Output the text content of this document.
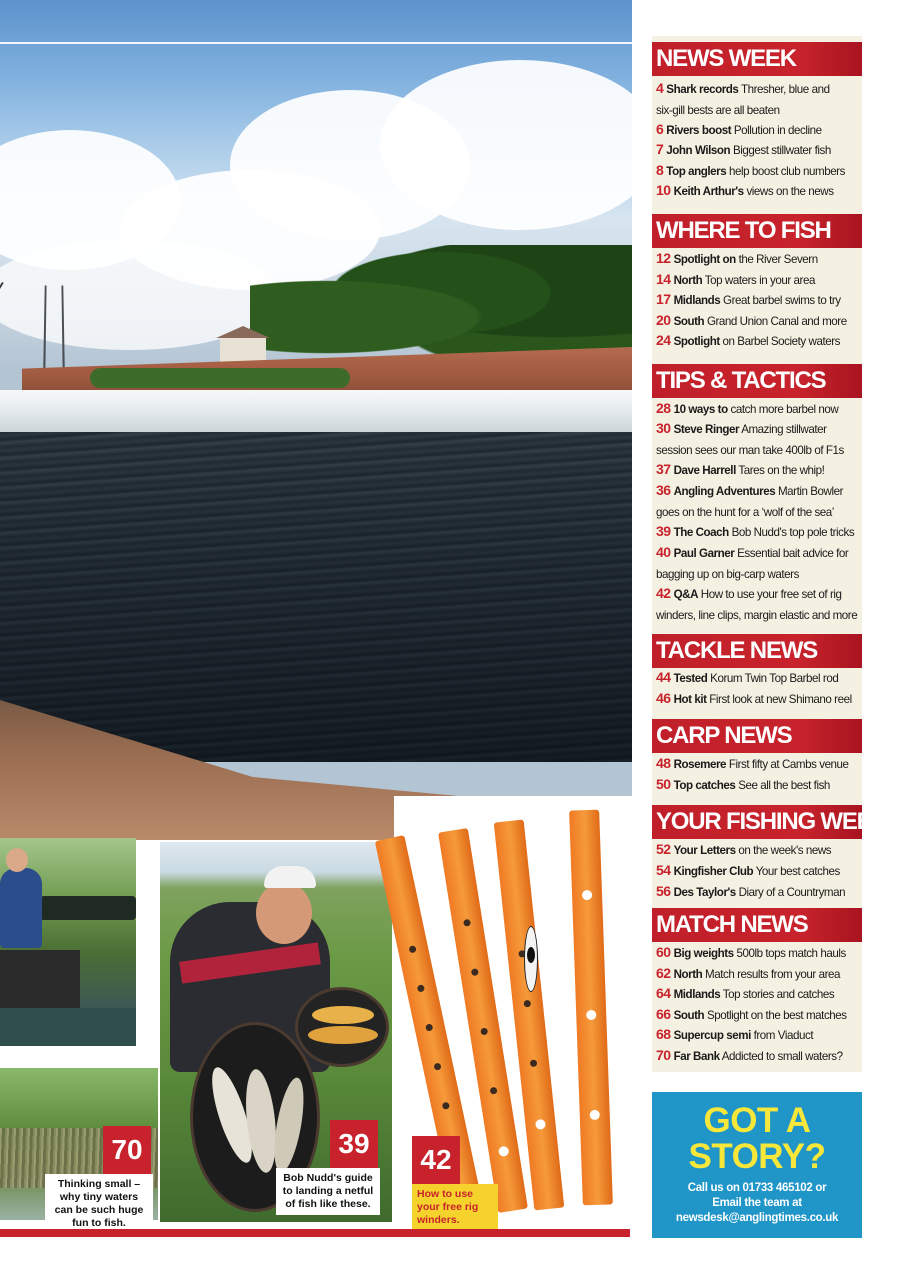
70
Thinking small – why tiny waters can be such huge fun to fish.
39
Bob Nudd's guide to landing a netful of fish like these.
42
How to use your free rig winders.
NEWS WEEK
4 Shark records Thresher, blue and
six-gill bests are all beaten
6 Rivers boost Pollution in decline
7 John Wilson Biggest stillwater fish
8 Top anglers help boost club numbers
10 Keith Arthur's views on the news
WHERE TO FISH
12 Spotlight on the River Severn
14 North Top waters in your area
17 Midlands Great barbel swims to try
20 South Grand Union Canal and more
24 Spotlight on Barbel Society waters
TIPS & TACTICS
28 10 ways to catch more barbel now
30 Steve Ringer Amazing stillwater
session sees our man take 400lb of F1s
37 Dave Harrell Tares on the whip!
36 Angling Adventures Martin Bowler
goes on the hunt for a ‘wolf of the sea’
39 The Coach Bob Nudd's top pole tricks
40 Paul Garner Essential bait advice for
bagging up on big-carp waters
42 Q&A How to use your free set of rig
winders, line clips, margin elastic and more
TACKLE NEWS
44 Tested Korum Twin Top Barbel rod
46 Hot kit First look at new Shimano reel
CARP NEWS
48 Rosemere First fifty at Cambs venue
50 Top catches See all the best fish
YOUR FISHING WEEK
52 Your Letters on the week's news
54 Kingfisher Club Your best catches
56 Des Taylor's Diary of a Countryman
MATCH NEWS
60 Big weights 500lb tops match hauls
62 North Match results from your area
64 Midlands Top stories and catches
66 South Spotlight on the best matches
68 Supercup semi from Viaduct
70 Far Bank Addicted to small waters?
GOT A
STORY?
Call us on 01733 465102 or
Email the team at
newsdesk@anglingtimes.co.uk
